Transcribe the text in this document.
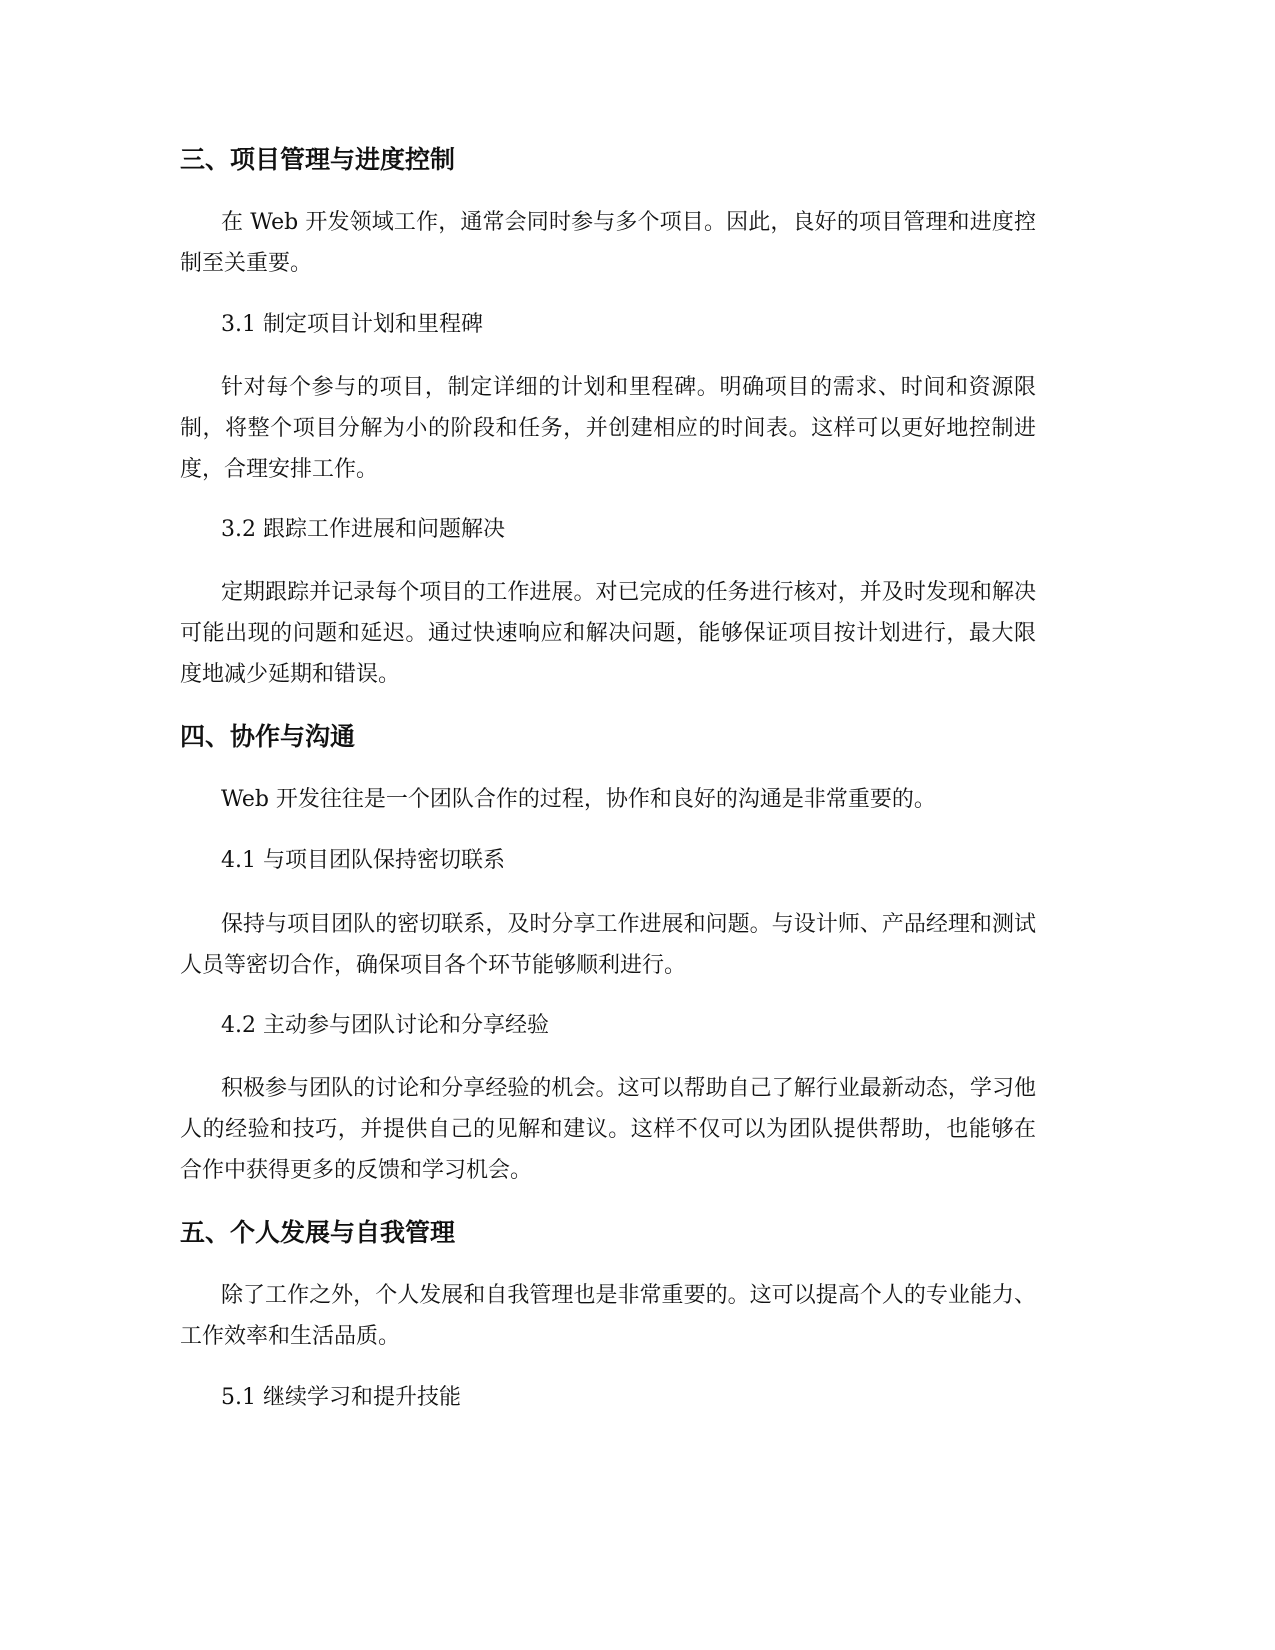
三、项目管理与进度控制
在 Web 开发领域工作，通常会同时参与多个项目。因此，良好的项目管理和进度控制至关重要。
3.1 制定项目计划和里程碑
针对每个参与的项目，制定详细的计划和里程碑。明确项目的需求、时间和资源限制，将整个项目分解为小的阶段和任务，并创建相应的时间表。这样可以更好地控制进度，合理安排工作。
3.2 跟踪工作进展和问题解决
定期跟踪并记录每个项目的工作进展。对已完成的任务进行核对，并及时发现和解决可能出现的问题和延迟。通过快速响应和解决问题，能够保证项目按计划进行，最大限度地减少延期和错误。
四、协作与沟通
Web 开发往往是一个团队合作的过程，协作和良好的沟通是非常重要的。
4.1 与项目团队保持密切联系
保持与项目团队的密切联系，及时分享工作进展和问题。与设计师、产品经理和测试人员等密切合作，确保项目各个环节能够顺利进行。
4.2 主动参与团队讨论和分享经验
积极参与团队的讨论和分享经验的机会。这可以帮助自己了解行业最新动态，学习他人的经验和技巧，并提供自己的见解和建议。这样不仅可以为团队提供帮助，也能够在合作中获得更多的反馈和学习机会。
五、个人发展与自我管理
除了工作之外，个人发展和自我管理也是非常重要的。这可以提高个人的专业能力、工作效率和生活品质。
5.1 继续学习和提升技能
